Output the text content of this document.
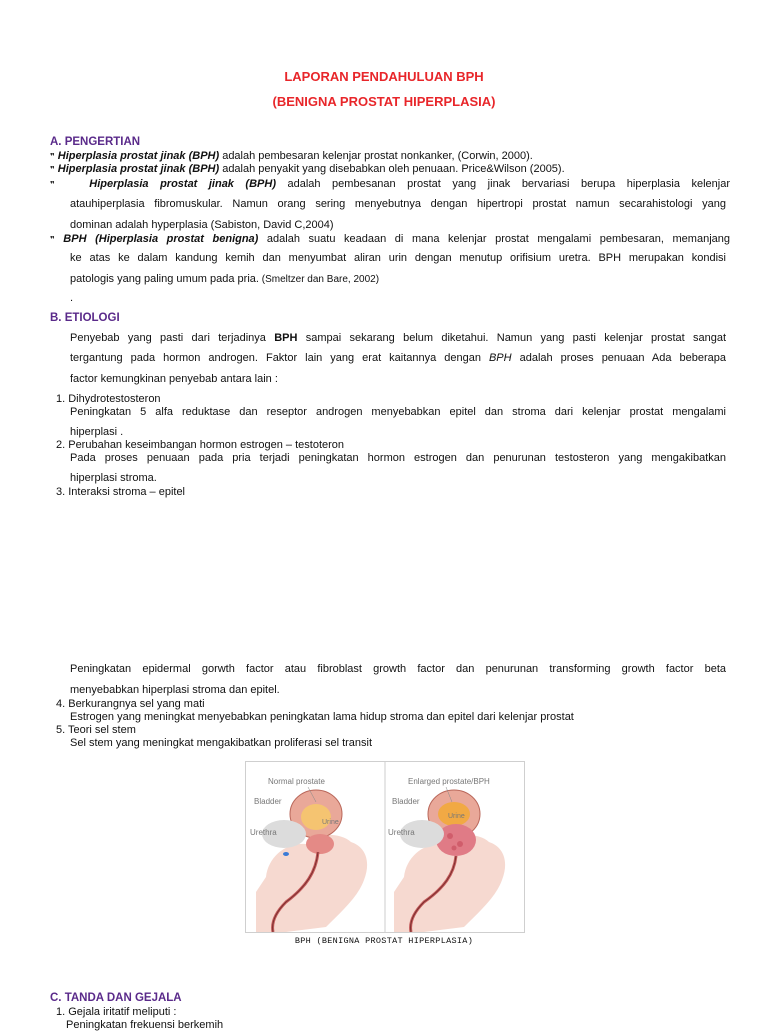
LAPORAN PENDAHULUAN BPH
(BENIGNA PROSTAT HIPERPLASIA)
A. PENGERTIAN
❞ Hiperplasia prostat jinak (BPH) adalah pembesaran kelenjar prostat nonkanker, (Corwin, 2000).
❞ Hiperplasia prostat jinak (BPH) adalah penyakit yang disebabkan oleh penuaan. Price&Wilson (2005).
❞	Hiperplasia prostat jinak (BPH) adalah pembesanan prostat yang jinak bervariasi berupa hiperplasia kelenjar
atauhiperplasia fibromuskular. Namun orang sering menyebutnya dengan hipertropi prostat namun secarahistologi yang
dominan adalah hyperplasia (Sabiston, David C,2004)
❞ BPH (Hiperplasia prostat benigna) adalah suatu keadaan di mana kelenjar prostat mengalami pembesaran, memanjang
ke atas ke dalam kandung kemih dan menyumbat aliran urin dengan menutup orifisium uretra. BPH merupakan kondisi
patologis yang paling umum pada pria. (Smeltzer dan Bare, 2002)
.
B. ETIOLOGI
Penyebab yang pasti dari terjadinya BPH sampai sekarang belum diketahui. Namun yang pasti kelenjar prostat sangat
tergantung pada hormon androgen. Faktor lain yang erat kaitannya dengan BPH adalah proses penuaan Ada beberapa
factor kemungkinan penyebab antara lain :
1. Dihydrotestosteron
Peningkatan 5 alfa reduktase dan reseptor androgen menyebabkan epitel dan stroma dari kelenjar prostat mengalami
hiperplasi .
2. Perubahan keseimbangan hormon estrogen – testoteron
Pada proses penuaan pada pria terjadi peningkatan hormon estrogen dan penurunan testosteron yang mengakibatkan
hiperplasi stroma.
3. Interaksi stroma – epitel
Peningkatan epidermal gorwth factor atau fibroblast growth factor dan penurunan transforming growth factor beta
menyebabkan hiperplasi stroma dan epitel.
4. Berkurangnya sel yang mati
Estrogen yang meningkat menyebabkan peningkatan lama hidup stroma dan epitel dari kelenjar prostat
5. Teori sel stem
Sel stem yang meningkat mengakibatkan proliferasi sel transit
Normal prostate
Bladder
Urine
Urethra
Enlarged prostate/BPH
Bladder
Urine
Urethra
BPH (BENIGNA PROSTAT HIPERPLASIA)
C. TANDA DAN GEJALA
1. Gejala iritatif meliputi :
Peningkatan frekuensi berkemih
